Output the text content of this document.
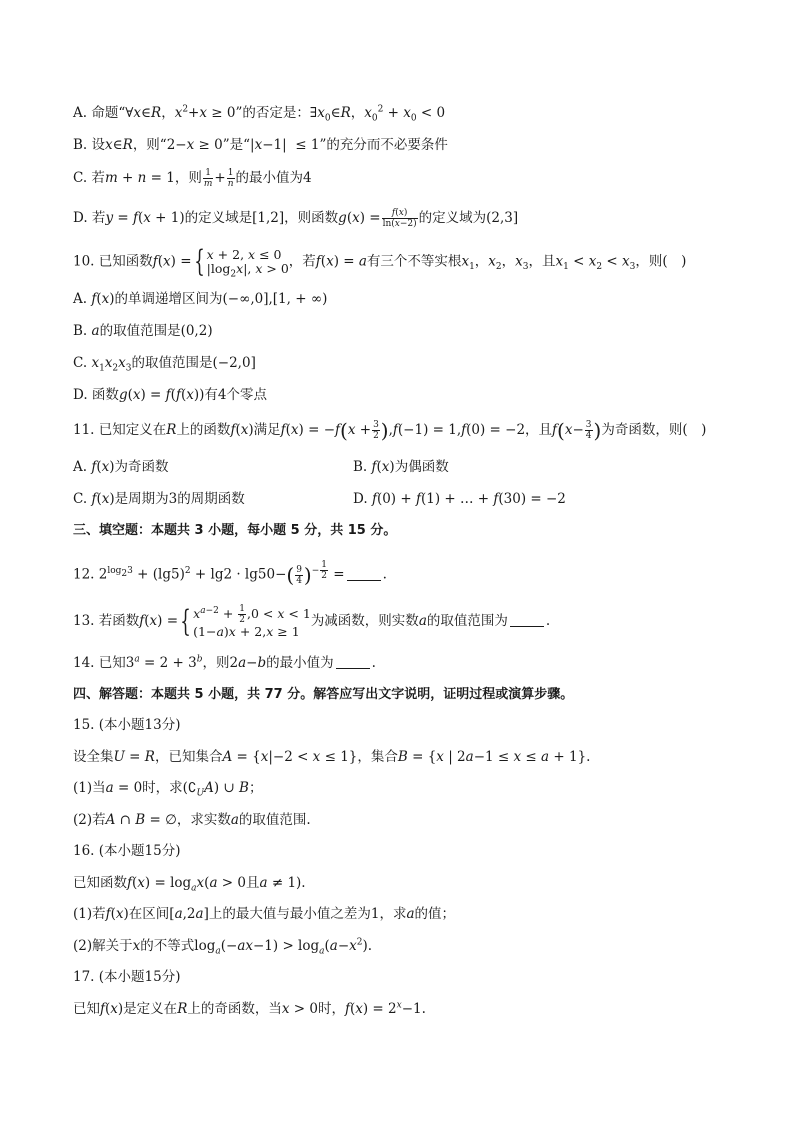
A. 命题“∀x∈R，$x^2+x \ge 0$”的否定是：$\exists x_0\in R$，$x_0^2 + x_0 < 0$
B. 设x∈R，则“2−x ≥ 0”是“|x−1|  ≤ 1”的充分而不必要条件
C. 若m + n = 1，则 $\frac{1}{m} + \frac{1}{n}$ 的最小值为4
D. 若y = f(x + 1)的定义域是[1,2]，则函数$g(x) = \frac{f(x)}{\ln(x-2)}$ 的定义域为(2,3]
10. 已知函数f(x) ={ x + 2, x ≤ 0
$|\log_2x|$, x > 0，若f(x) = a有三个不等实根$x_1$，$x_2$，$x_3$，且$x_1 < x_2 < x_3$，则(　)
A. f(x)的单调递增区间为(−∞,0],[1, + ∞)
B. a的取值范围是(0,2)
C. $x_1x_2x_3$的取值范围是(−2,0]
D. 函数g(x) = f(f(x))有4个零点
11. 已知定义在R上的函数f(x)满足$f(x) = -f(x + \frac{3}{2} ),f(-1) = 1,f(0) = -2$，且$f(x- \frac{3}{4}$ )为奇函数，则(　)
A. f(x)为奇函数	B. f(x)为偶函数
C. f(x)是周期为3的周期函数	D. f(0) + f(1) + … + f(30) = −2
三、填空题：本题共 3 小题，每小题 5 分，共 15 分。
12. $2^{log_23} + (\lg 5)^2 + \lg 2 \cdot \lg 50-( \frac{9}{4} )^{- \frac{1}{2}}$ =	.
13. 若函数f(x) ={ $x^{a-2} + \frac{1}{2} ,0 < x < 1$
(1−a)x + 2,x ≥ 1为减函数，则实数a的取值范围为	.
14. 已知$3^a = 2 + 3^b$，则2a−b的最小值为	.
四、解答题：本题共 5 小题，共 77 分。解答应写出文字说明，证明过程或演算步骤。
15. (本小题13分)
设全集U = R，已知集合A = {x|−2 < x ≤ 1}，集合B = {x | 2a−1 ≤ x ≤ a + 1}.
(1)当a = 0时，求$(∁_UA)$ ∪ B；
(2)若A ∩ B = ∅，求实数a的取值范围.
16. (本小题15分)
已知函数$f(x) = \log_ax(a > 0$且a ≠ 1).
(1)若f(x)在区间[a,2a]上的最大值与最小值之差为1，求a的值；
(2)解关于x的不等式$\log_a(-ax-1) > \log_a(a-x^2)$.
17. (本小题15分)
已知f(x)是定义在R上的奇函数，当x > 0时，$f(x) = 2^x-1$.
